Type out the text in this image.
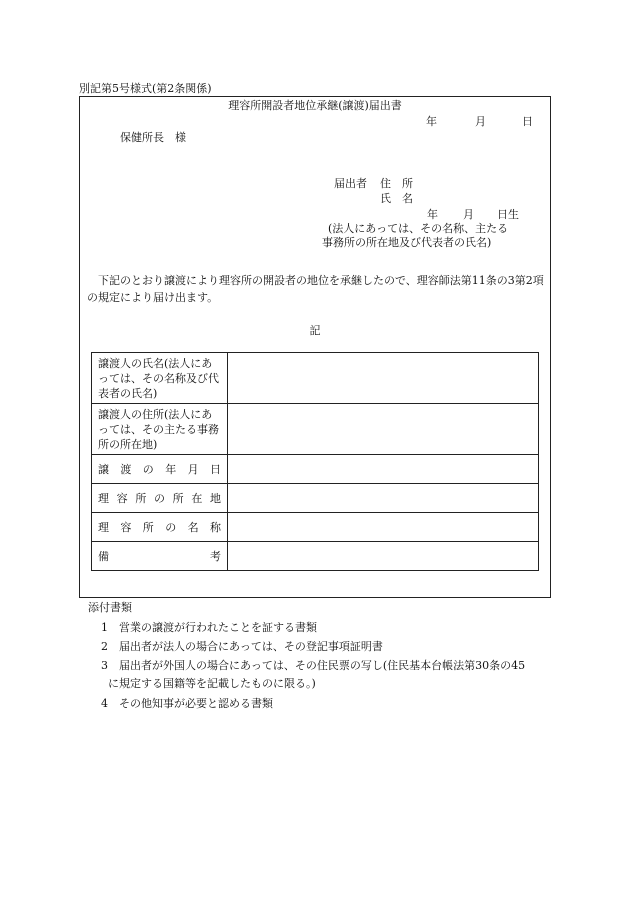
別記第5号様式(第2条関係)
理容所開設者地位承継(譲渡)届出書
年	月	日
保健所長　様
届出者 住　所
氏　名
年 月 日生
(法人にあっては、その名称、主たる
事務所の所在地及び代表者の氏名)
下記のとおり譲渡により理容所の開設者の地位を承継したので、理容師法第11条の3第2項の規定により届け出ます。
記
譲渡人の氏名(法人にあっては、その名称及び代表者の氏名)	
譲渡人の住所(法人にあっては、その主たる事務所の所在地)	

譲渡の年月日	

理容所の所在地	

理容所の名称	

備考	

添付書類
1 営業の譲渡が行われたことを証する書類
2 届出者が法人の場合にあっては、その登記事項証明書
3 届出者が外国人の場合にあっては、その住民票の写し(住民基本台帳法第30条の45
に規定する国籍等を記載したものに限る。)
4 その他知事が必要と認める書類
